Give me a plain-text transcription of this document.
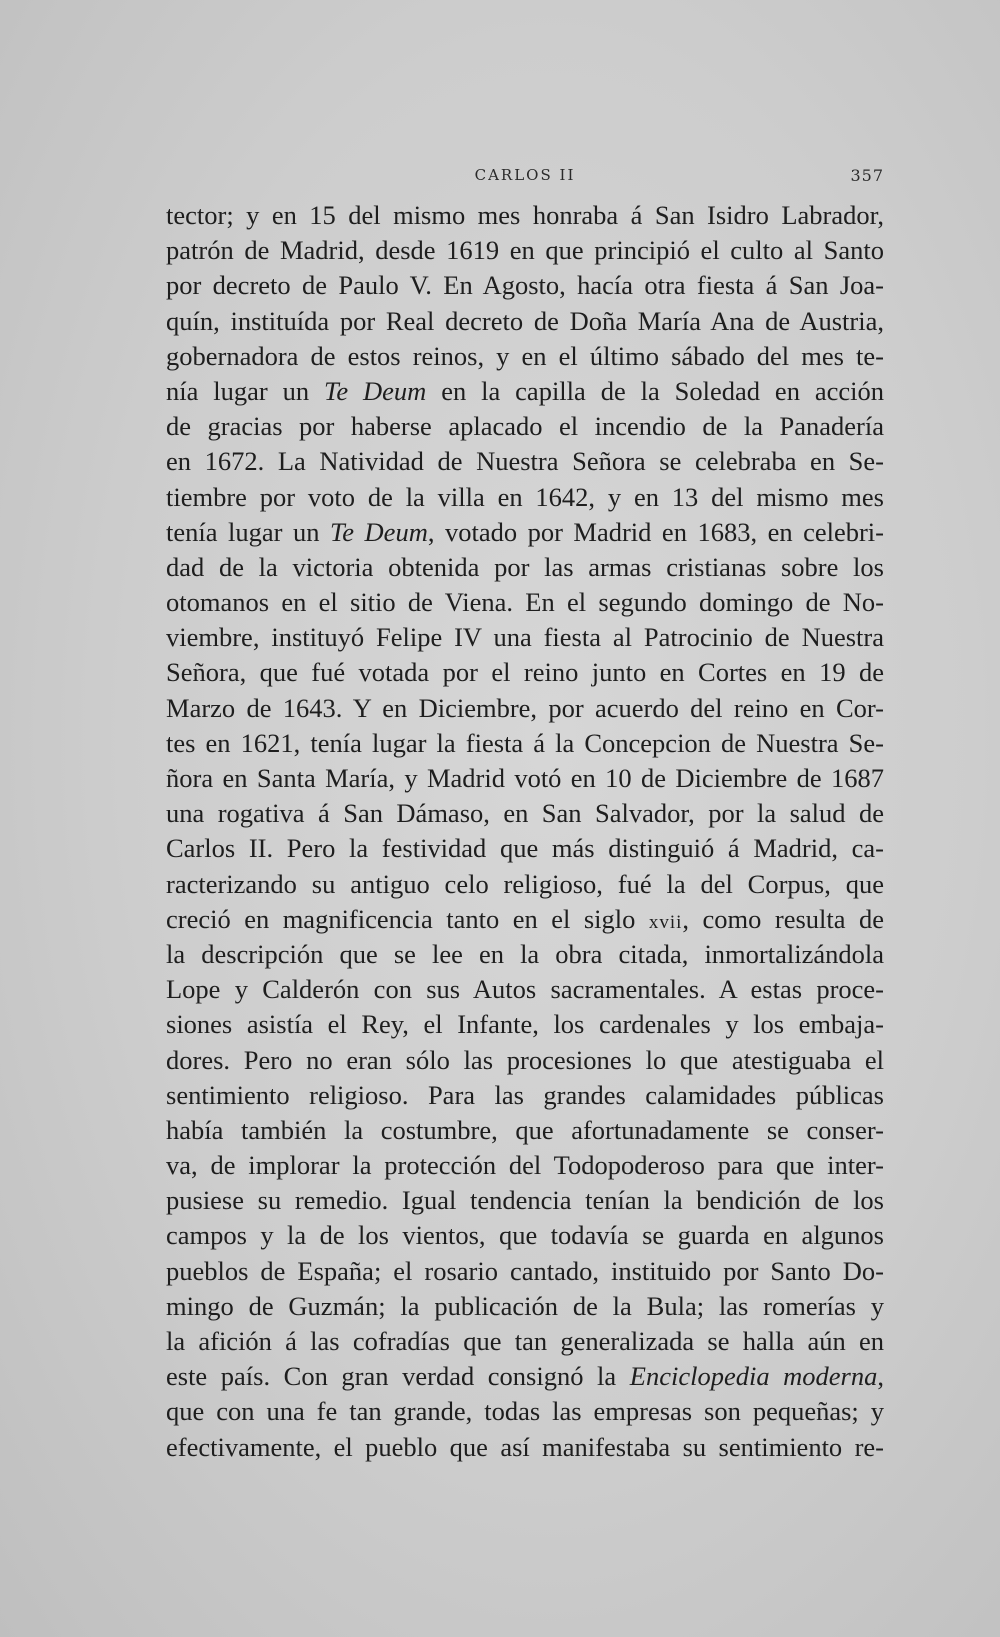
CARLOS II	357
tector; y en 15 del mismo mes honraba á San Isidro Labrador,
patrón de Madrid, desde 1619 en que principió el culto al Santo
por decreto de Paulo V. En Agosto, hacía otra fiesta á San Joa-
quín, instituída por Real decreto de Doña María Ana de Austria,
gobernadora de estos reinos, y en el último sábado del mes te-
nía lugar un Te Deum en la capilla de la Soledad en acción
de gracias por haberse aplacado el incendio de la Panadería
en 1672. La Natividad de Nuestra Señora se celebraba en Se-
tiembre por voto de la villa en 1642, y en 13 del mismo mes
tenía lugar un Te Deum, votado por Madrid en 1683, en celebri-
dad de la victoria obtenida por las armas cristianas sobre los
otomanos en el sitio de Viena. En el segundo domingo de No-
viembre, instituyó Felipe IV una fiesta al Patrocinio de Nuestra
Señora, que fué votada por el reino junto en Cortes en 19 de
Marzo de 1643. Y en Diciembre, por acuerdo del reino en Cor-
tes en 1621, tenía lugar la fiesta á la Concepcion de Nuestra Se-
ñora en Santa María, y Madrid votó en 10 de Diciembre de 1687
una rogativa á San Dámaso, en San Salvador, por la salud de
Carlos II. Pero la festividad que más distinguió á Madrid, ca-
racterizando su antiguo celo religioso, fué la del Corpus, que
creció en magnificencia tanto en el siglo xvii, como resulta de
la descripción que se lee en la obra citada, inmortalizándola
Lope y Calderón con sus Autos sacramentales. A estas proce-
siones asistía el Rey, el Infante, los cardenales y los embaja-
dores. Pero no eran sólo las procesiones lo que atestiguaba el
sentimiento religioso. Para las grandes calamidades públicas
había también la costumbre, que afortunadamente se conser-
va, de implorar la protección del Todopoderoso para que inter-
pusiese su remedio. Igual tendencia tenían la bendición de los
campos y la de los vientos, que todavía se guarda en algunos
pueblos de España; el rosario cantado, instituido por Santo Do-
mingo de Guzmán; la publicación de la Bula; las romerías y
la afición á las cofradías que tan generalizada se halla aún en
este país. Con gran verdad consignó la Enciclopedia moderna,
que con una fe tan grande, todas las empresas son pequeñas; y
efectivamente, el pueblo que así manifestaba su sentimiento re-
